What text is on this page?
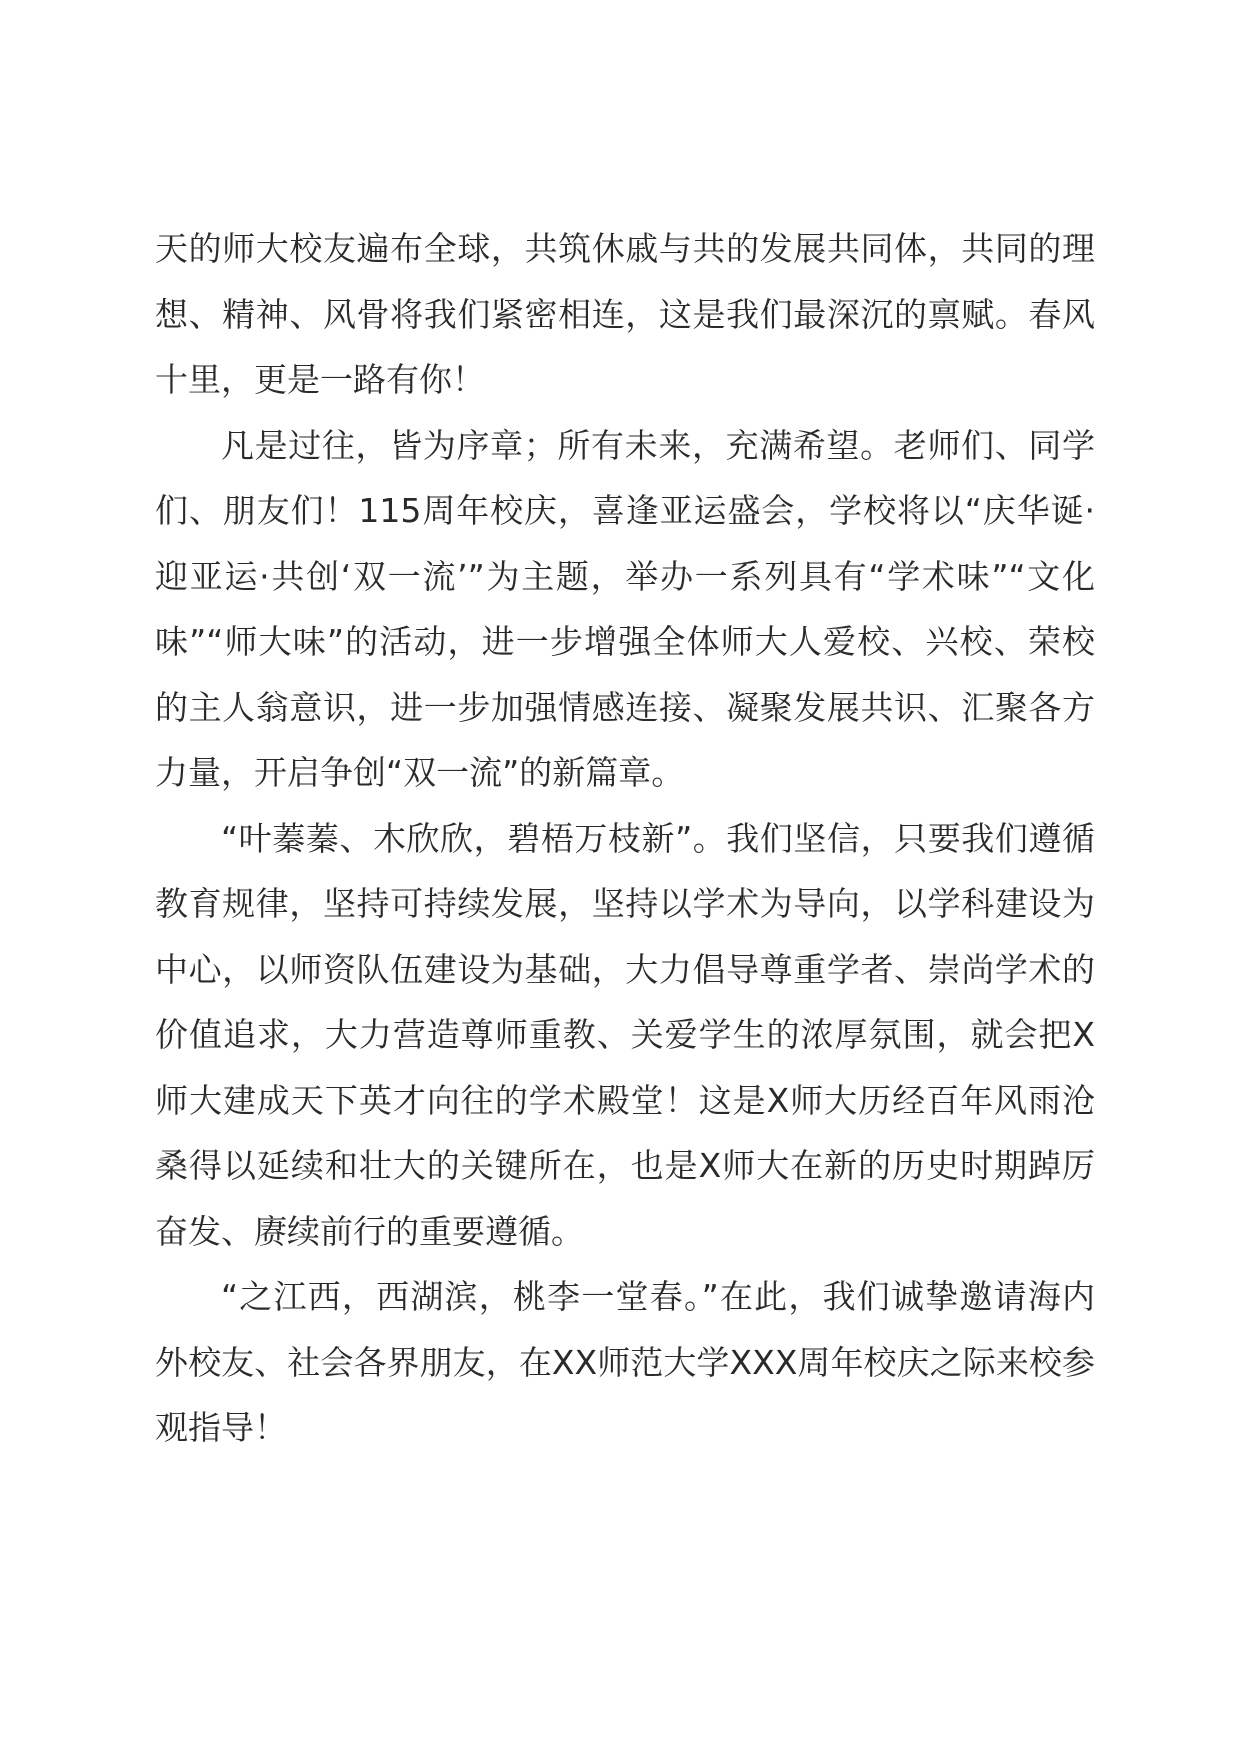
天的师大校友遍布全球，共筑休戚与共的发展共同体，共同的理想、精神、风骨将我们紧密相连，这是我们最深沉的禀赋。春风十里，更是一路有你！

凡是过往，皆为序章；所有未来，充满希望。老师们、同学们、朋友们！115周年校庆，喜逢亚运盛会，学校将以“庆华诞·迎亚运·共创‘双一流’”为主题，举办一系列具有“学术味”“文化味”“师大味”的活动，进一步增强全体师大人爱校、兴校、荣校的主人翁意识，进一步加强情感连接、凝聚发展共识、汇聚各方力量，开启争创“双一流”的新篇章。

“叶蓁蓁、木欣欣，碧梧万枝新”。我们坚信，只要我们遵循教育规律，坚持可持续发展，坚持以学术为导向，以学科建设为中心，以师资队伍建设为基础，大力倡导尊重学者、崇尚学术的价值追求，大力营造尊师重教、关爱学生的浓厚氛围，就会把X师大建成天下英才向往的学术殿堂！这是X师大历经百年风雨沧桑得以延续和壮大的关键所在，也是X师大在新的历史时期踔厉奋发、赓续前行的重要遵循。

“之江西，西湖滨，桃李一堂春。”在此，我们诚挚邀请海内外校友、社会各界朋友，在XX师范大学XXX周年校庆之际来校参观指导！
